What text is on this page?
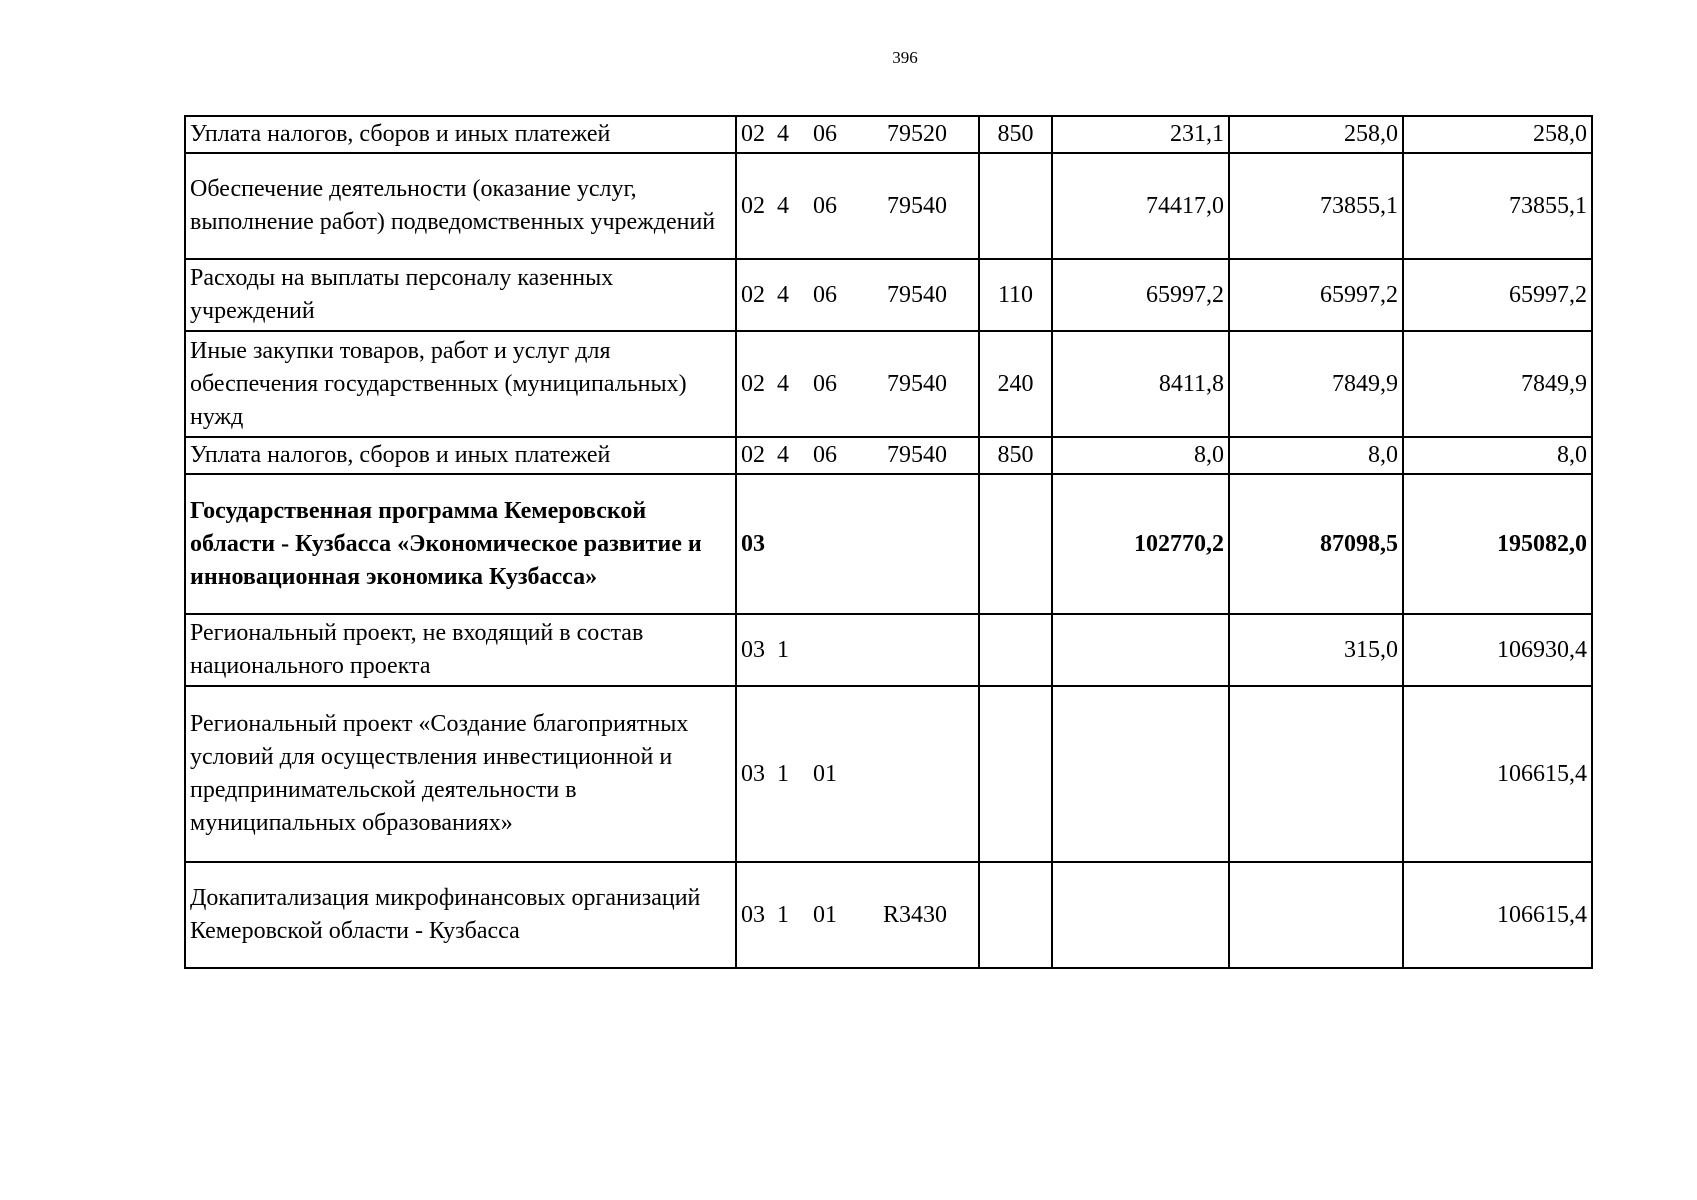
396
Уплата налогов, сборов и иных платежей	02 4 06 79520	850	231,1	258,0	258,0
Обеспечение деятельности (оказание услуг, выполнение работ) подведомственных учреждений	02 4 06 79540		74417,0	73855,1	73855,1
Расходы на выплаты персоналу казенных учреждений	02 4 06 79540	110	65997,2	65997,2	65997,2
Иные закупки товаров, работ и услуг для обеспечения государственных (муниципальных) нужд	02 4 06 79540	240	8411,8	7849,9	7849,9
Уплата налогов, сборов и иных платежей	02 4 06 79540	850	8,0	8,0	8,0
Государственная программа Кемеровской области - Кузбасса «Экономическое развитие и инновационная экономика Кузбасса»	03		102770,2	87098,5	195082,0
Региональный проект, не входящий в состав национального проекта	03 1			315,0	106930,4
Региональный проект «Создание благоприятных условий для осуществления инвестиционной и предпринимательской деятельности в муниципальных образованиях»	03 1 01				106615,4
Докапитализация микрофинансовых организаций Кемеровской области - Кузбасса	03 1 01 R3430				106615,4
